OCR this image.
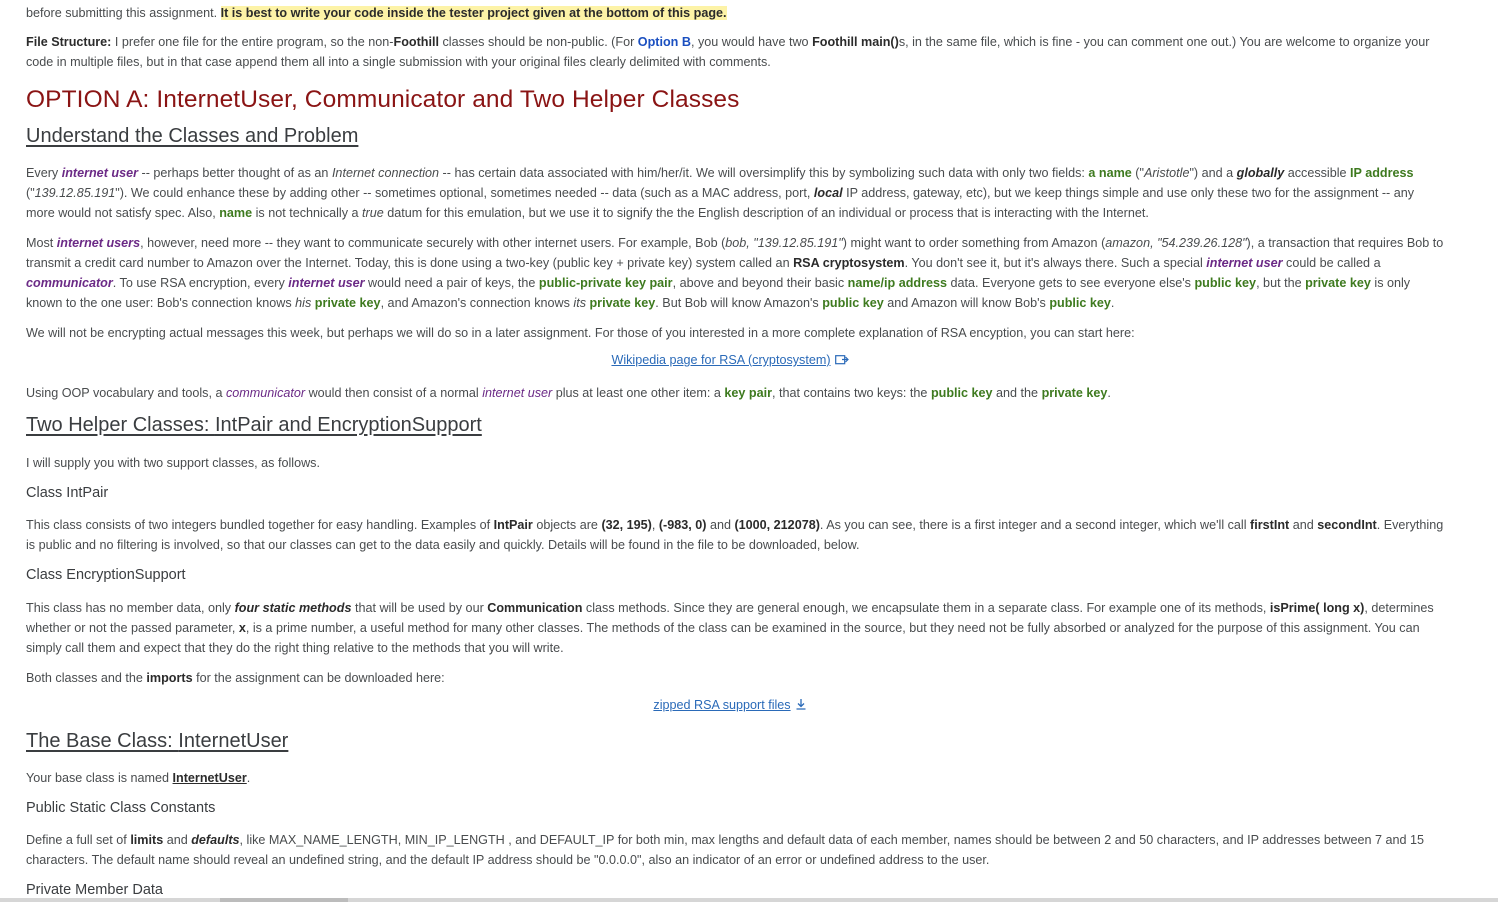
before submitting this assignment. It is best to write your code inside the tester project given at the bottom of this page.

File Structure: I prefer one file for the entire program, so the non-Foothill classes should be non-public. (For Option B, you would have two Foothill main()s, in the same file, which is fine - you can comment one out.) You are welcome to organize your code in multiple files, but in that case append them all into a single submission with your original files clearly delimited with comments.

OPTION A: InternetUser, Communicator and Two Helper Classes
Understand the Classes and Problem

Every internet user -- perhaps better thought of as an Internet connection -- has certain data associated with him/her/it. We will oversimplify this by symbolizing such data with only two fields: a name ("Aristotle") and a globally accessible IP address ("139.12.85.191"). We could enhance these by adding other -- sometimes optional, sometimes needed -- data (such as a MAC address, port, local IP address, gateway, etc), but we keep things simple and use only these two for the assignment -- any more would not satisfy spec. Also, name is not technically a true datum for this emulation, but we use it to signify the the English description of an individual or process that is interacting with the Internet.

Most internet users, however, need more -- they want to communicate securely with other internet users. For example, Bob (bob, "139.12.85.191") might want to order something from Amazon (amazon, "54.239.26.128"), a transaction that requires Bob to transmit a credit card number to Amazon over the Internet. Today, this is done using a two-key (public key + private key) system called an RSA cryptosystem. You don't see it, but it's always there. Such a special internet user could be called a communicator. To use RSA encryption, every internet user would need a pair of keys, the public-private key pair, above and beyond their basic name/ip address data. Everyone gets to see everyone else's public key, but the private key is only known to the one user: Bob's connection knows his private key, and Amazon's connection knows its private key. But Bob will know Amazon's public key and Amazon will know Bob's public key.

We will not be encrypting actual messages this week, but perhaps we will do so in a later assignment. For those of you interested in a more complete explanation of RSA encyption, you can start here:

Wikipedia page for RSA (cryptosystem)

Using OOP vocabulary and tools, a communicator would then consist of a normal internet user plus at least one other item: a key pair, that contains two keys: the public key and the private key.

Two Helper Classes: IntPair and EncryptionSupport

I will supply you with two support classes, as follows.

Class IntPair

This class consists of two integers bundled together for easy handling. Examples of IntPair objects are (32, 195), (-983, 0) and (1000, 212078). As you can see, there is a first integer and a second integer, which we'll call firstInt and secondInt. Everything is public and no filtering is involved, so that our classes can get to the data easily and quickly. Details will be found in the file to be downloaded, below.

Class EncryptionSupport

This class has no member data, only four static methods that will be used by our Communication class methods. Since they are general enough, we encapsulate them in a separate class. For example one of its methods, isPrime( long x), determines whether or not the passed parameter, x, is a prime number, a useful method for many other classes. The methods of the class can be examined in the source, but they need not be fully absorbed or analyzed for the purpose of this assignment. You can simply call them and expect that they do the right thing relative to the methods that you will write.

Both classes and the imports for the assignment can be downloaded here:

zipped RSA support files
The Base Class: InternetUser

Your base class is named InternetUser.

Public Static Class Constants

Define a full set of limits and defaults, like MAX_NAME_LENGTH, MIN_IP_LENGTH , and DEFAULT_IP for both min, max lengths and default data of each member, names should be between 2 and 50 characters, and IP addresses between 7 and 15 characters. The default name should reveal an undefined string, and the default IP address should be "0.0.0.0", also an indicator of an error or undefined address to the user.

Private Member Data
